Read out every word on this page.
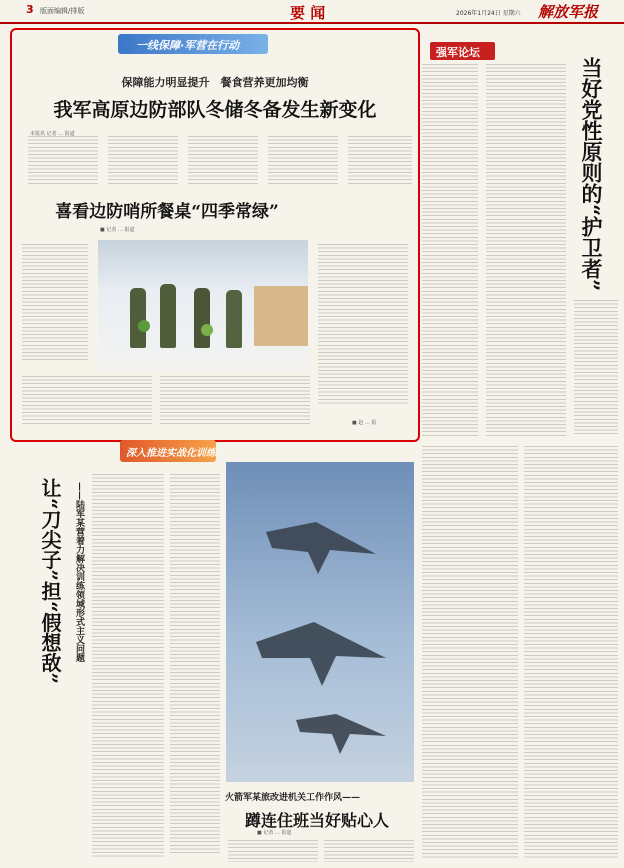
3 版面编辑/排版	要 闻	2026年1月24日 星期六 解放军报
一线保障·军营在行动
保障能力明显提升　餐食营养更加均衡
我军高原边防部队冬储冬备发生新变化
本报讯 记者 … 报道
喜看边防哨所餐桌“四季常绿”
■ 记者 … 报道
■ 赵 … 报
强军论坛
当好党性原则的“护卫者”
深入推进实战化训练
让“刀尖子”担“假想敌”	——陆军某营着力解决训练领域形式主义问题
火箭军某旅改进机关工作作风——
蹲连住班当好贴心人
■ 记者 … 报道
